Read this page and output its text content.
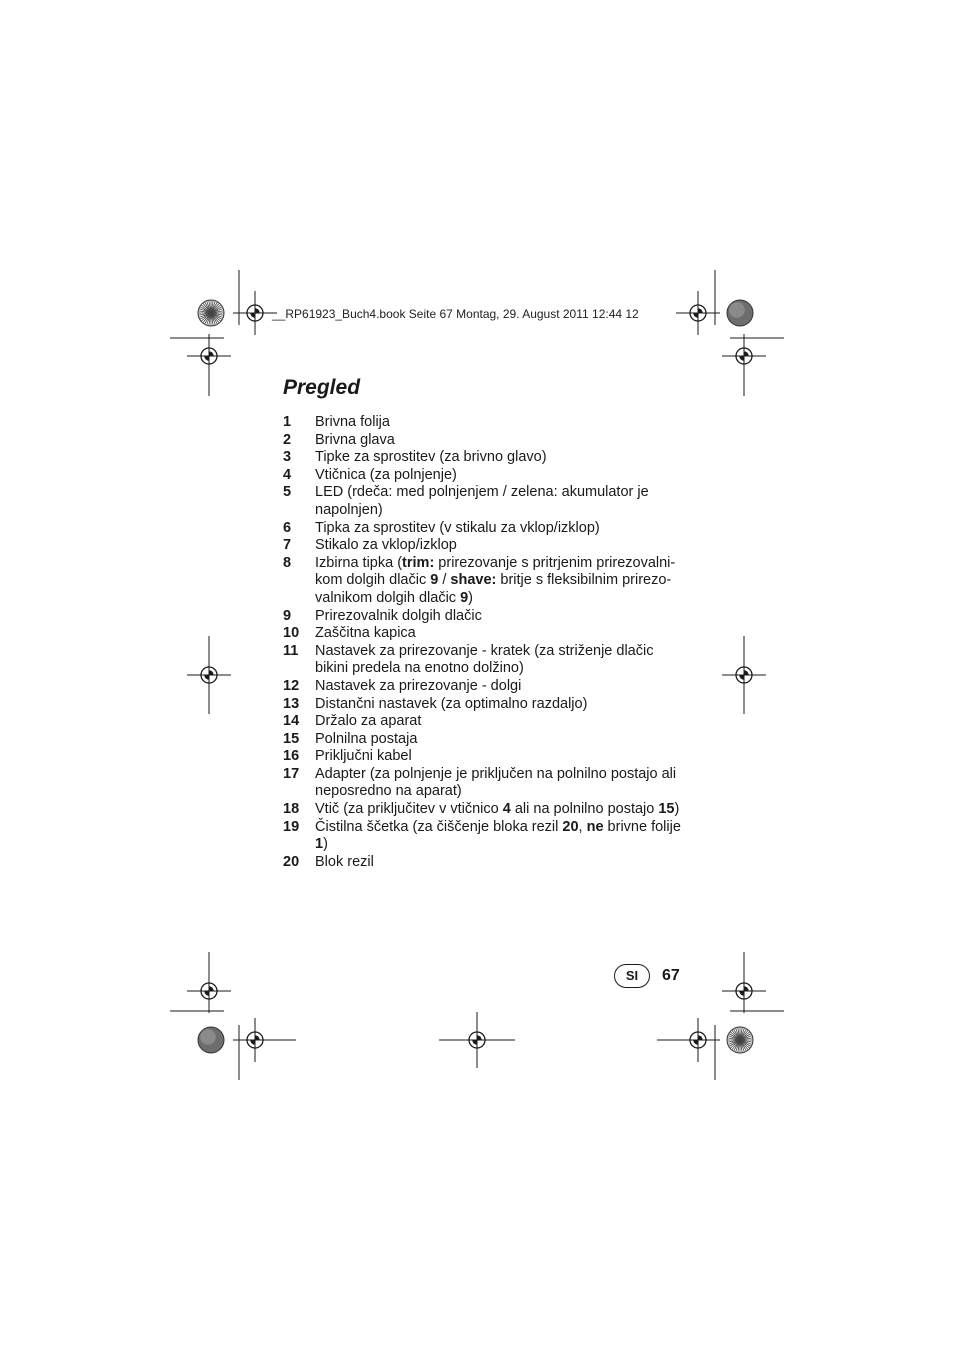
__RP61923_Buch4.book Seite 67 Montag, 29. August 2011 12:44 12
Pregled
1	Brivna folija
2	Brivna glava
3	Tipke za sprostitev (za brivno glavo)
4	Vtičnica (za polnjenje)
5	LED (rdeča: med polnjenjem / zelena: akumulator je napolnjen)
6	Tipka za sprostitev (v stikalu za vklop/izklop)
7	Stikalo za vklop/izklop
8	Izbirna tipka (trim: prirezovanje s pritrjenim prirezovalni-kom dolgih dlačic 9 / shave: britje s fleksibilnim prirezo-valnikom dolgih dlačic 9)
9	Prirezovalnik dolgih dlačic
10	Zaščitna kapica
11	Nastavek za prirezovanje - kratek (za striženje dlačic bikini predela na enotno dolžino)
12	Nastavek za prirezovanje - dolgi
13	Distančni nastavek (za optimalno razdaljo)
14	Držalo za aparat
15	Polnilna postaja
16	Priključni kabel
17	Adapter (za polnjenje je priključen na polnilno postajo ali neposredno na aparat)
18	Vtič (za priključitev v vtičnico 4 ali na polnilno postajo 15)
19	Čistilna ščetka (za čiščenje bloka rezil 20, ne brivne folije 1)
20	Blok rezil
SI	67
